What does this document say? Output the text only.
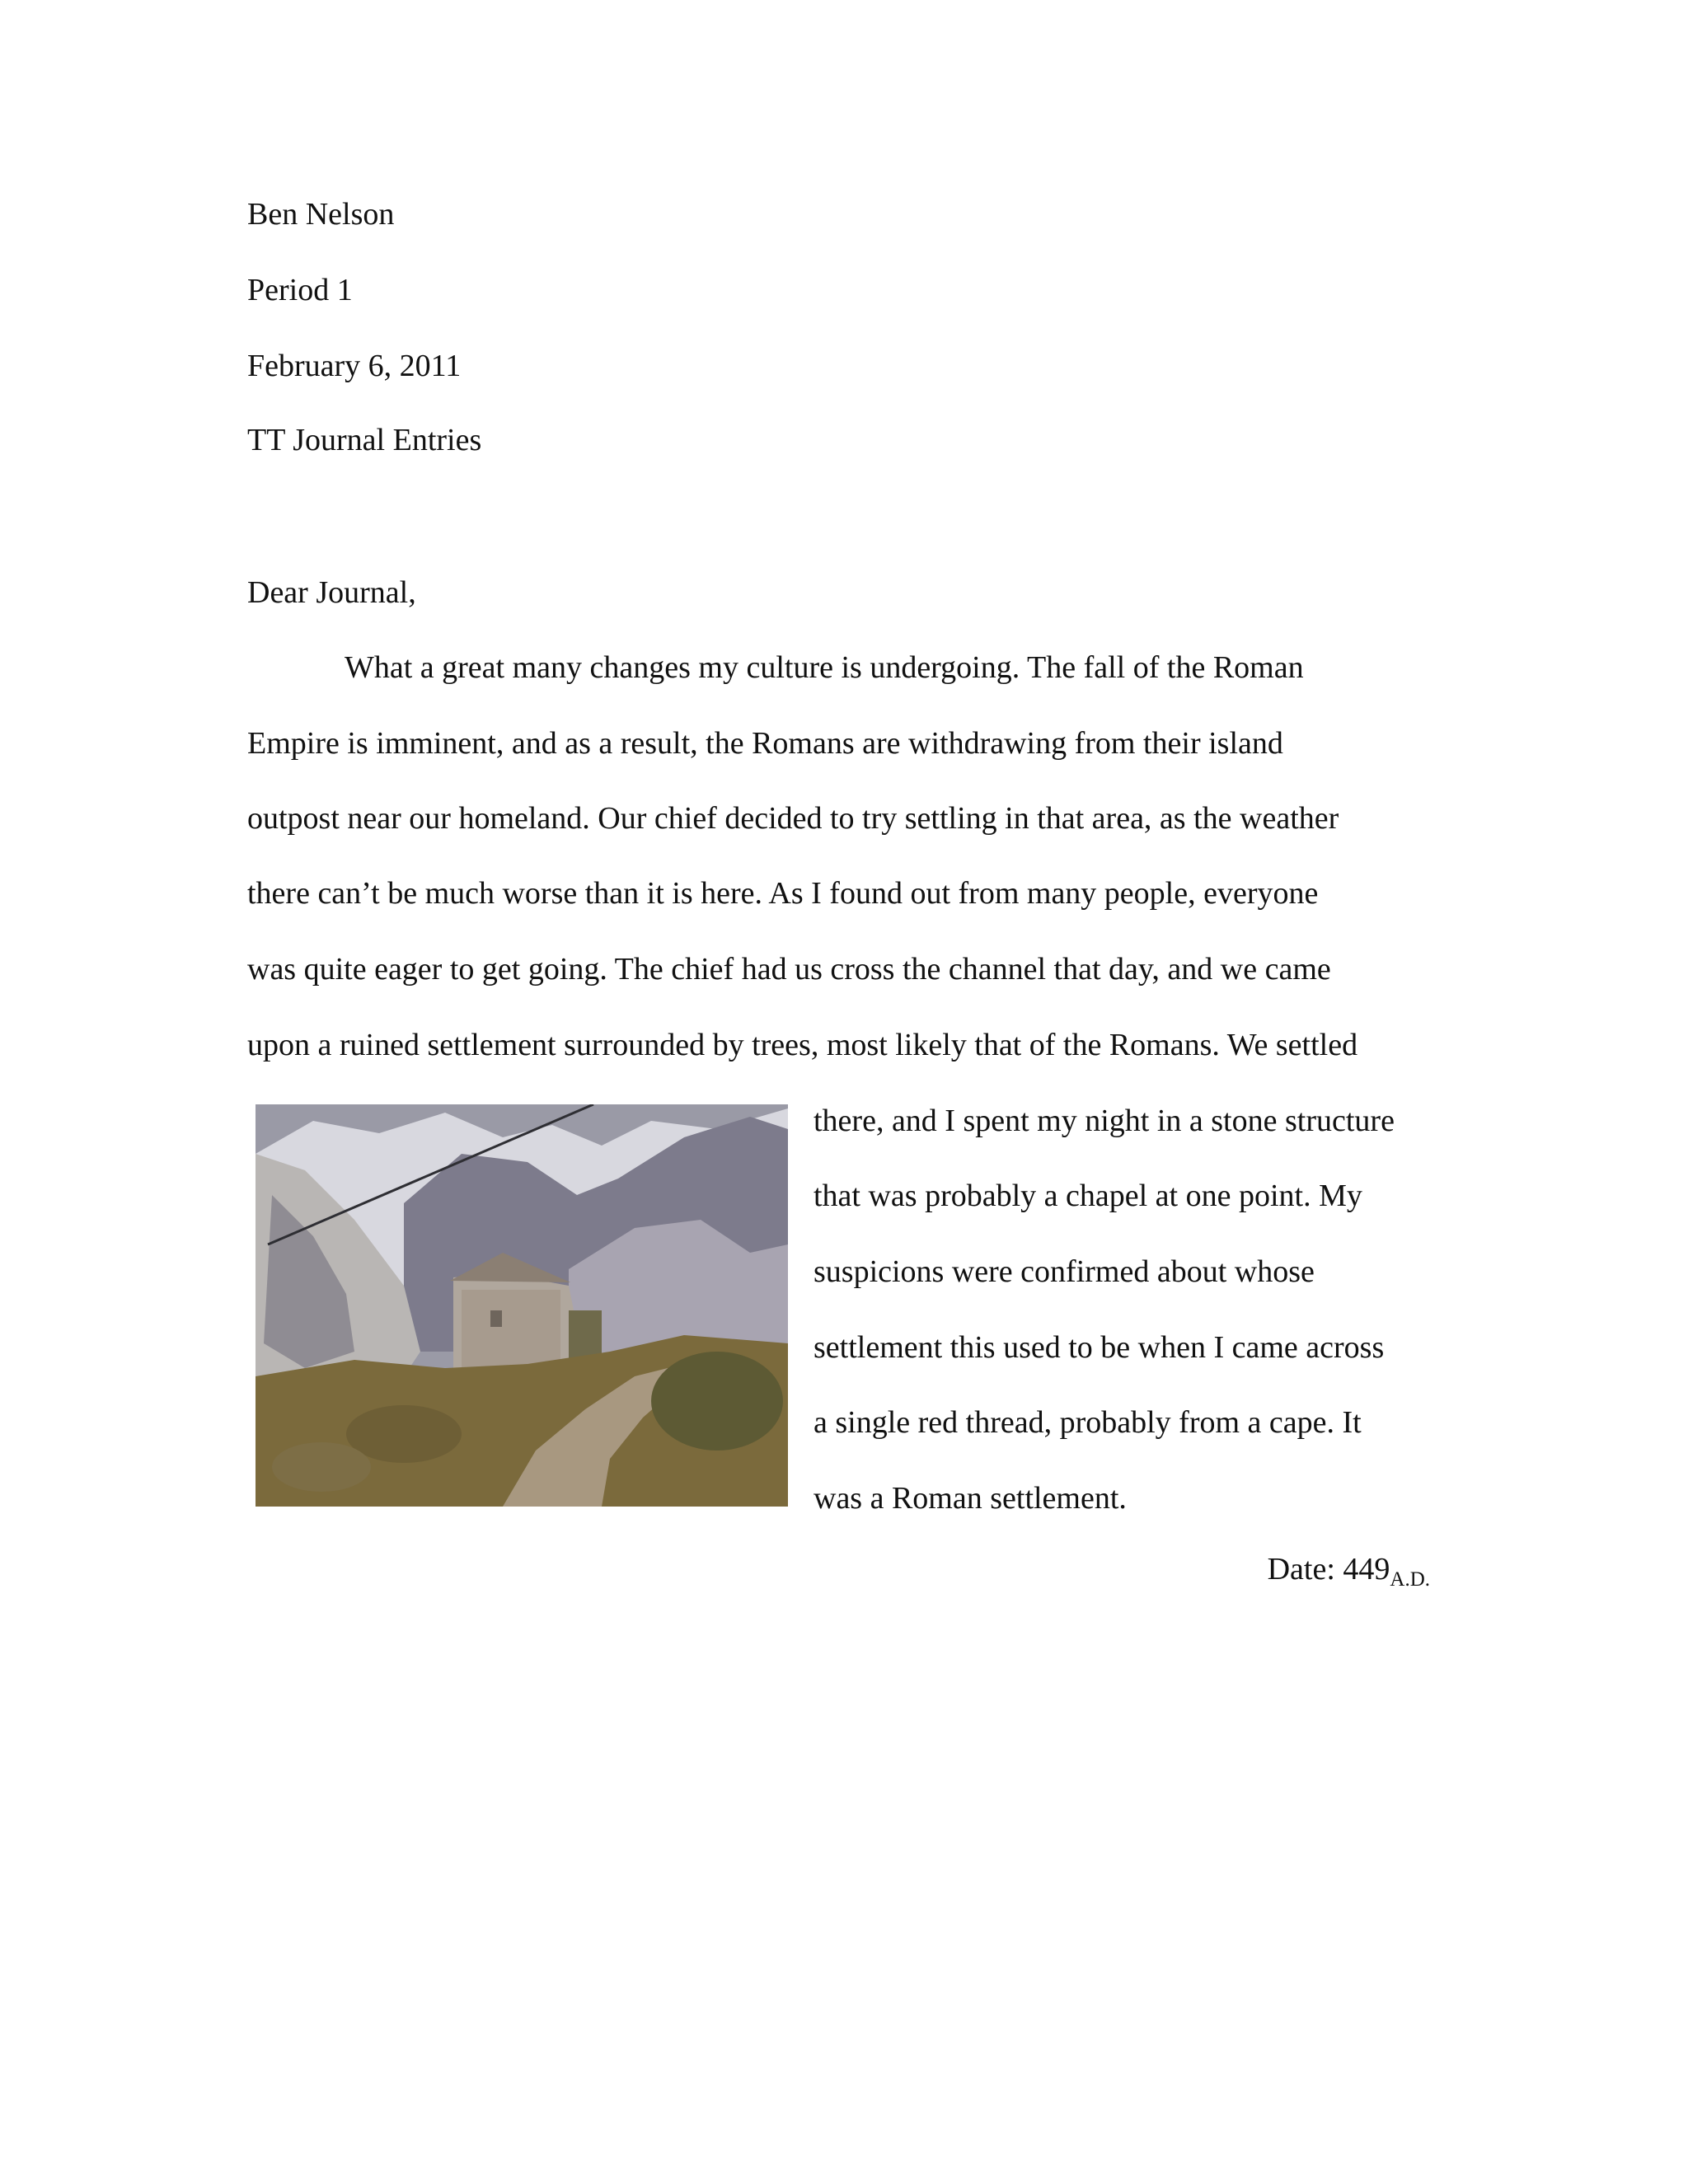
Ben Nelson
Period 1
February 6, 2011
TT Journal Entries
Dear Journal,
What a great many changes my culture is undergoing. The fall of the Roman
Empire is imminent, and as a result, the Romans are withdrawing from their island
outpost near our homeland. Our chief decided to try settling in that area, as the weather
there can’t be much worse than it is here. As I found out from many people, everyone
was quite eager to get going. The chief had us cross the channel that day, and we came
upon a ruined settlement surrounded by trees, most likely that of the Romans. We settled
there, and I spent my night in a stone structure
that was probably a chapel at one point. My
suspicions were confirmed about whose
settlement this used to be when I came across
a single red thread, probably from a cape. It
was a Roman settlement.
Date: $449_{A.D.}$
